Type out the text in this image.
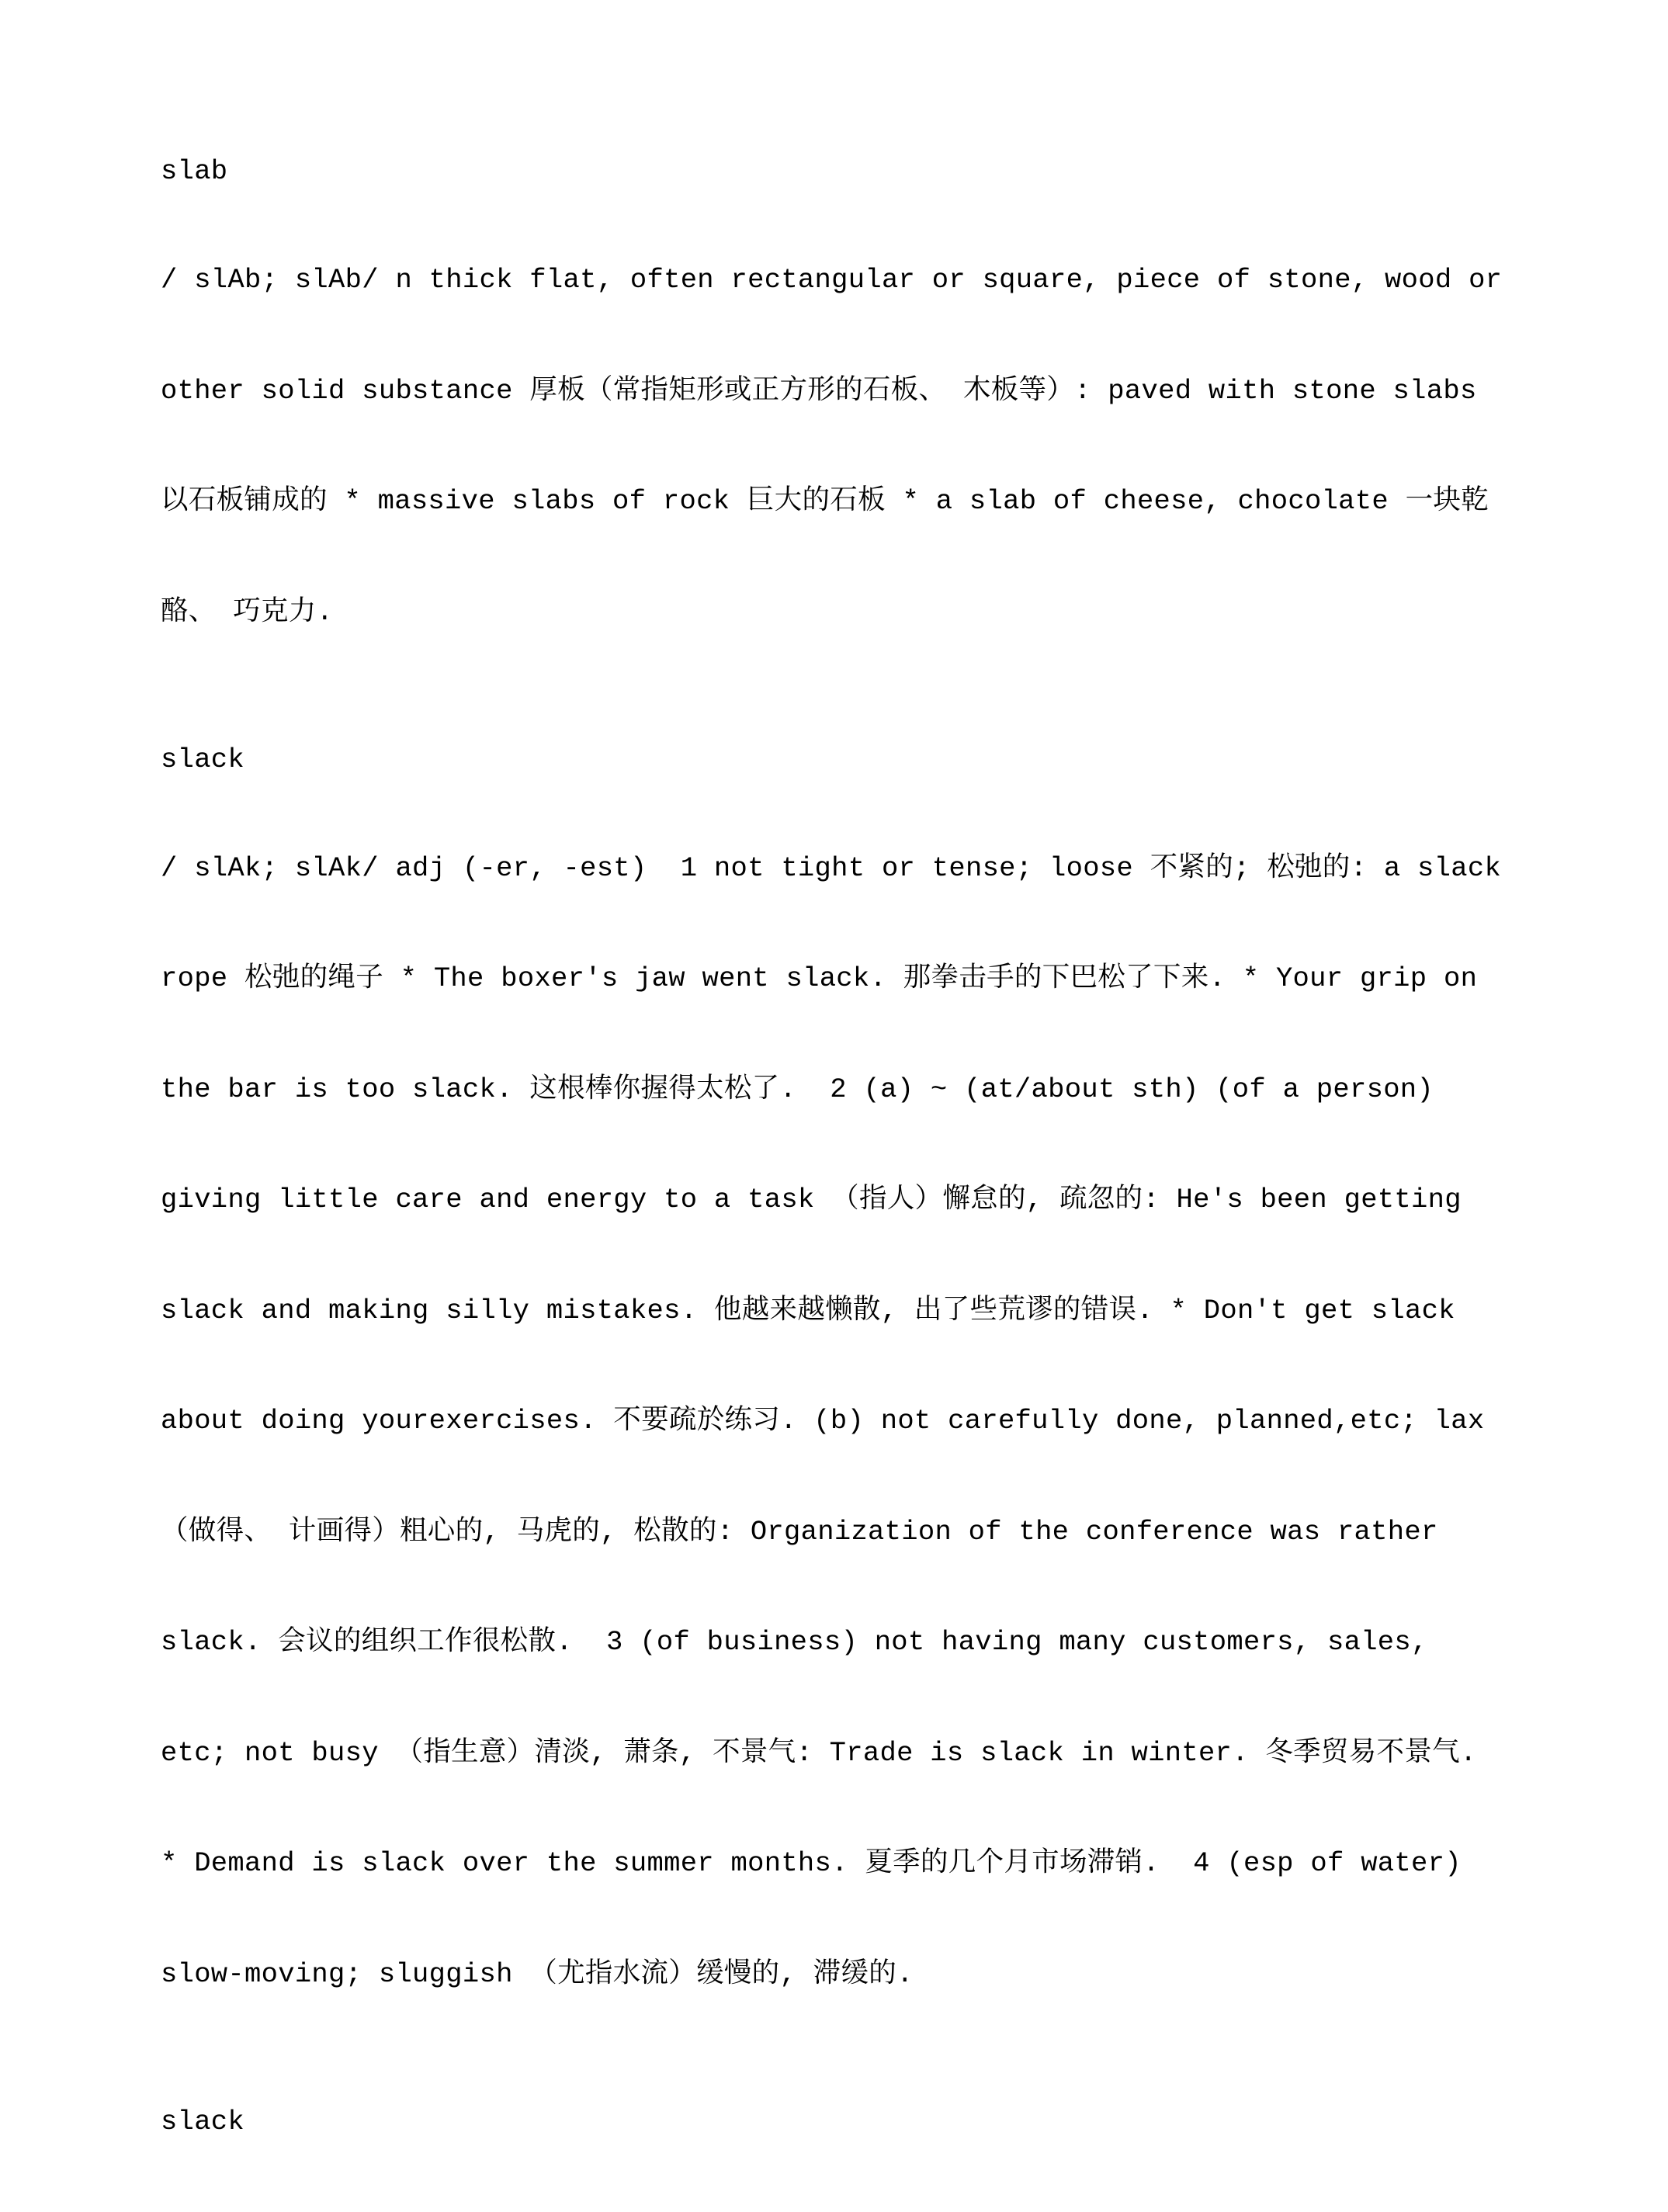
slab

/ slAb; slAb/ n thick flat, often rectangular or square, piece of stone, wood or

other solid substance 厚板（常指矩形或正方形的石板、 木板等）: paved with stone slabs

以石板铺成的 * massive slabs of rock 巨大的石板 * a slab of cheese, chocolate 一块乾

酪、 巧克力.

slack

/ slAk; slAk/ adj (-er, -est)  1 not tight or tense; loose 不紧的; 松弛的: a slack

rope 松弛的绳子 * The boxer's jaw went slack. 那拳击手的下巴松了下来. * Your grip on

the bar is too slack. 这根棒你握得太松了.  2 (a) ~ (at/about sth) (of a person)

giving little care and energy to a task （指人）懈怠的, 疏忽的: He's been getting

slack and making silly mistakes. 他越来越懒散, 出了些荒谬的错误. * Don't get slack

about doing yourexercises. 不要疏於练习. (b) not carefully done, planned,etc; lax

（做得、 计画得）粗心的, 马虎的, 松散的: Organization of the conference was rather

slack. 会议的组织工作很松散.  3 (of business) not having many customers, sales,

etc; not busy （指生意）清淡, 萧条, 不景气: Trade is slack in winter. 冬季贸易不景气.

* Demand is slack over the summer months. 夏季的几个月市场滞销.  4 (esp of water)

slow-moving; sluggish （尤指水流）缓慢的, 滞缓的.

slack
